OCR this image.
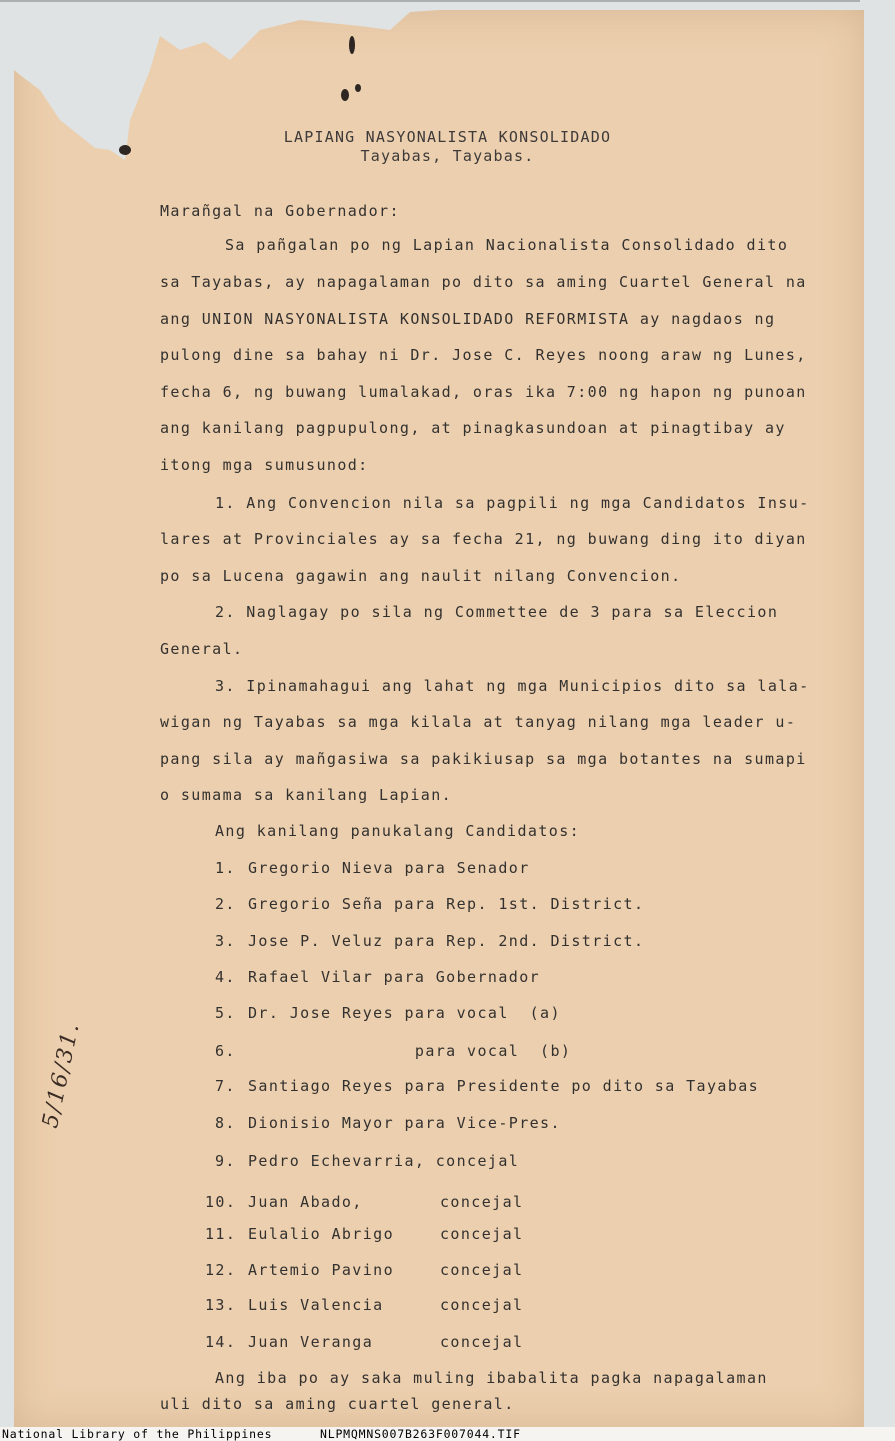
LAPIANG NASYONALISTA KONSOLIDADO
Tayabas, Tayabas.
Marañgal na Gobernador:
Sa pañgalan po ng Lapian Nacionalista Consolidado dito
sa Tayabas, ay napagalaman po dito sa aming Cuartel General na
ang UNION NASYONALISTA KONSOLIDADO REFORMISTA ay nagdaos ng
pulong dine sa bahay ni Dr. Jose C. Reyes noong araw ng Lunes,
fecha 6, ng buwang lumalakad, oras ika 7:00 ng hapon ng punoan
ang kanilang pagpupulong, at pinagkasundoan at pinagtibay ay
itong mga sumusunod:
1. Ang Convencion nila sa pagpili ng mga Candidatos Insu-
lares at Provinciales ay sa fecha 21, ng buwang ding ito diyan
po sa Lucena gagawin ang naulit nilang Convencion.
2. Naglagay po sila ng Commettee de 3 para sa Eleccion
General.
3. Ipinamahagui ang lahat ng mga Municipios dito sa lala-
wigan ng Tayabas sa mga kilala at tanyag nilang mga leader u-
pang sila ay mañgasiwa sa pakikiusap sa mga botantes na sumapi
o sumama sa kanilang Lapian.
Ang kanilang panukalang Candidatos:
1. Gregorio Nieva para Senador
2. Gregorio Seña para Rep. 1st. District.
3. Jose P. Veluz para Rep. 2nd. District.
4. Rafael Vilar para Gobernador
5. Dr. Jose Reyes para vocal  (a)
6. para vocal  (b)
7. Santiago Reyes para Presidente po dito sa Tayabas
8. Dionisio Mayor para Vice-Pres.
9. Pedro Echevarria, concejal
10. Juan Abado,	concejal
11. Eulalio Abrigo	concejal
12. Artemio Pavino	concejal
13. Luis Valencia	concejal
14. Juan Veranga	concejal
Ang iba po ay saka muling ibabalita pagka napagalaman
uli dito sa aming cuartel general.
5/16/31.
National Library of the Philippines	NLPMQMNS007B263F007044.TIF
